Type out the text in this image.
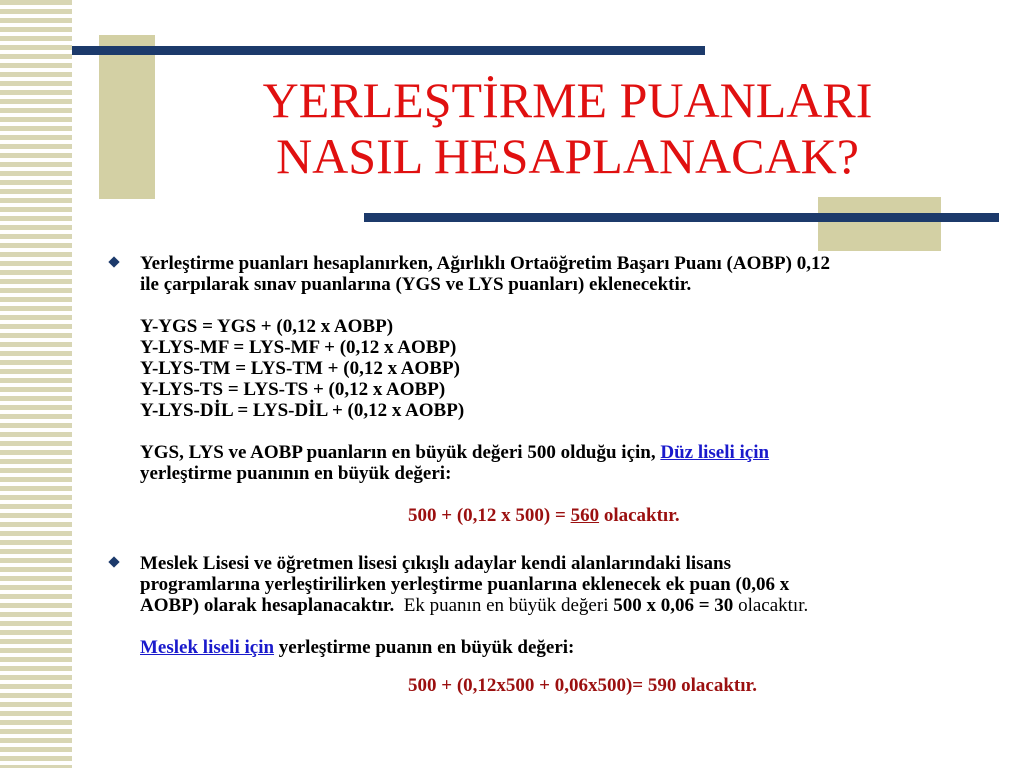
YERLEŞTİRME PUANLARI
NASIL HESAPLANACAK?

Yerleştirme puanları hesaplanırken, Ağırlıklı Ortaöğretim Başarı Puanı (AOBP) 0,12

ile çarpılarak sınav puanlarına (YGS ve LYS puanları) eklenecektir.

Y-YGS = YGS + (0,12 x AOBP)

Y-LYS-MF = LYS-MF + (0,12 x AOBP)

Y-LYS-TM = LYS-TM + (0,12 x AOBP)

Y-LYS-TS = LYS-TS + (0,12 x AOBP)

Y-LYS-DİL = LYS-DİL + (0,12 x AOBP)

YGS, LYS ve AOBP puanların en büyük değeri 500 olduğu için, Düz liseli için

yerleştirme puanının en büyük değeri:

500 + (0,12 x 500) = 560 olacaktır.

Meslek Lisesi ve öğretmen lisesi çıkışlı adaylar kendi alanlarındaki lisans

programlarına yerleştirilirken yerleştirme puanlarına eklenecek ek puan (0,06 x

AOBP) olarak hesaplanacaktır.  Ek puanın en büyük değeri 500 x 0,06 = 30 olacaktır.

Meslek liseli için yerleştirme puanın en büyük değeri:

500 + (0,12x500 + 0,06x500)= 590 olacaktır.
